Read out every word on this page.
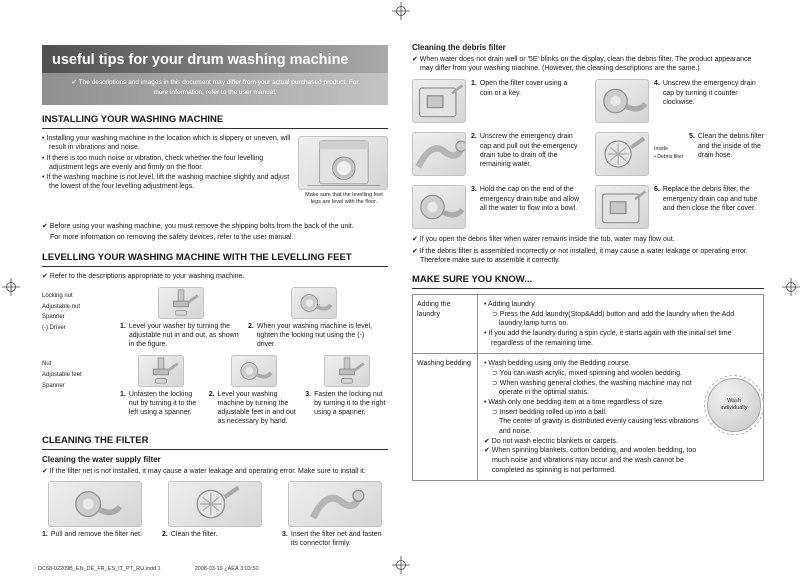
useful tips for your drum washing machine
✔ The descriptions and images in this document may differ from your actual purchased product. For more information, refer to the user manual.
INSTALLING YOUR WASHING MACHINE
• Installing your washing machine in the location which is slippery or uneven, will result in vibrations and noise.
• If there is too much noise or vibration, check whether the four levelling adjustment legs are evenly and firmly on the floor.
• If the washing machine is not level, lift the washing machine slightly and adjust the lowest of the four levelling adjustment legs.
Make sure that the levelling feet legs are level with the floor.
✔ Before using your washing machine, you must remove the shipping bolts from the back of the unit.
For more information on removing the safety devices, refer to the user manual.
LEVELLING YOUR WASHING MACHINE WITH THE LEVELLING FEET
✔ Refer to the descriptions appropriate to your washing machine.
Locking nut
Adjustable nut
Spanner
(-) Driver	1. Level your washer by turning the adjustable nut in and out, as shown in the figure.
2. When your washing machine is level, tighten the locking nut using the (-) driver.
Nut
Adjustable feet
Spanner
1. Unfasten the locking nut by turning it to the left using a spanner.
2. Level your washing machine by turning the adjustable feet in and out as necessary by hand.
3. Fasten the locking nut by turning it to the right using a spanner.
CLEANING THE FILTER
Cleaning the water supply filter
✔ If the filter net is not installed, it may cause a water leakage and operating error. Make sure to install it.
1. Pull and remove the filter net.	2. Clean the filter.	3. Insert the filter net and fasten its connector firmly.
Cleaning the debris filter
✔ When water does not drain well or '5E' blinks on the display, clean the debris filter. The product appearance may differ from your washing machine. (However, the cleaning descriptions are the same.)
1. Open the filter cover using a coin or a key.
4. Unscrew the emergency drain cap by turning it counter clockwise.
2. Unscrew the emergency drain cap and pull out the emergency drain tube to drain off the remaining water.
Inside
• Debris filter
5. Clean the debris filter and the inside of the drain hose.
3. Hold the cap on the end of the emergency drain tube and allow all the water to flow into a bowl.
6. Replace the debris filter, the emergency drain cap and tube and then close the filter cover.
✔ If you open the debris filter when water remains inside the tub, water may flow out.
✔ If the debris filter is assembled incorrectly or not installed, it may cause a water leakage or operating error. Therefore make sure to assemble it correctly.
MAKE SURE YOU KNOW...
Adding the laundry
• Adding laundry
⊃ Press the Add laundry(Stop&Add) button and add the laundry when the Add laundry lamp turns on.
• If you add the laundry during a spin cycle, it starts again with the initial set time regardless of the remaining time.
Washing bedding	• Wash bedding using only the Bedding course.
⊃ You can wash acrylic, mixed spinning and woolen bedding.
⊃ When washing general clothes, the washing machine may not operate in the optimal status.
• Wash only one bedding item at a time regardless of size.
⊃ Insert bedding rolled up into a ball.
The center of gravity is distributed evenly causing less vibrations and noise.
✔ Do not wash electric blankets or carpets.
✔ When spinning blankets, cotton bedding, and woolen bedding, too much noise and vibrations may occur and the wash cannot be completed as spinning is not performed.
Wash individually
DC68-02209B_EN_DE_FR_ES_IT_PT_RU.indd 1	2008-03-19 ¿ÀÈÄ 3:03:50
